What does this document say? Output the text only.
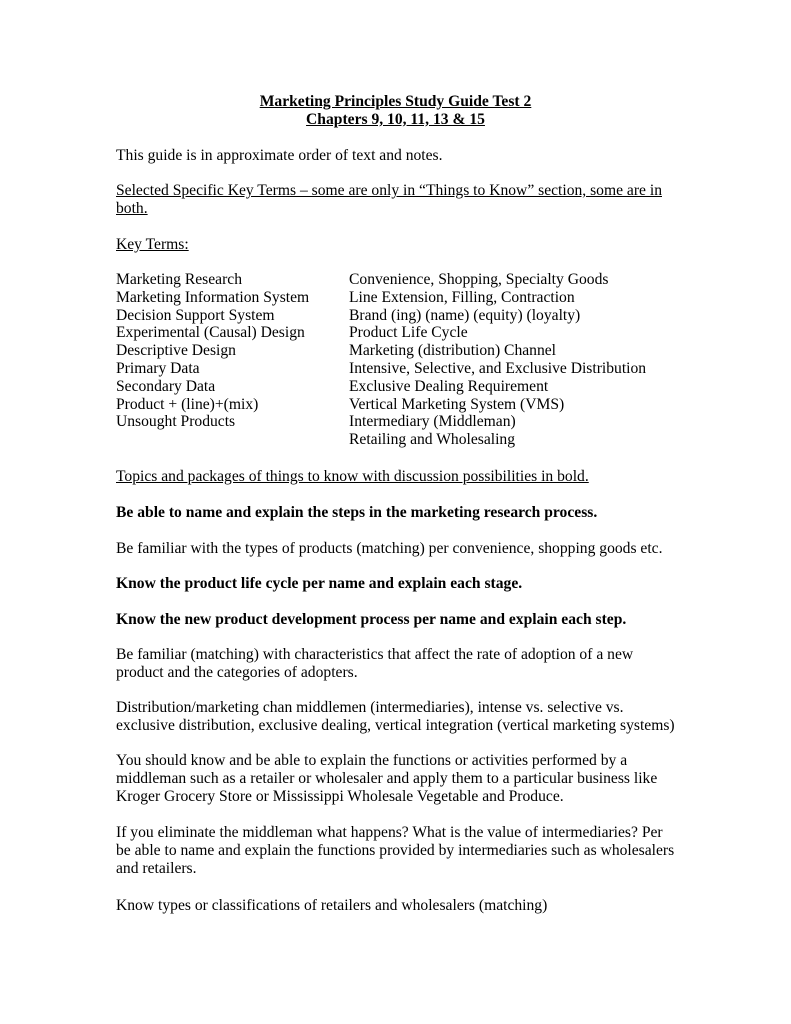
Marketing Principles Study Guide Test 2
Chapters 9, 10, 11, 13 & 15
This guide is in approximate order of text and notes.
Selected Specific Key Terms – some are only in “Things to Know” section, some are in both.
Key Terms:
Marketing Research
Marketing Information System
Decision Support System
Experimental (Causal) Design
Descriptive Design
Primary Data
Secondary Data
Product + (line)+(mix)
Unsought Products
Convenience, Shopping, Specialty Goods
Line Extension, Filling, Contraction
Brand (ing) (name) (equity) (loyalty)
Product Life Cycle
Marketing (distribution) Channel
Intensive, Selective, and Exclusive Distribution
Exclusive Dealing Requirement
Vertical Marketing System (VMS)
Intermediary (Middleman)
Retailing and Wholesaling
Topics and packages of things to know with discussion possibilities in bold.
Be able to name and explain the steps in the marketing research process.
Be familiar with the types of products (matching) per convenience, shopping goods etc.
Know the product life cycle per name and explain each stage.
Know the new product development process per name and explain each step.
Be familiar (matching) with characteristics that affect the rate of adoption of a new product and the categories of adopters.
Distribution/marketing chan middlemen (intermediaries), intense vs. selective vs. exclusive distribution, exclusive dealing, vertical integration (vertical marketing systems)
You should know and be able to explain the functions or activities performed by a middleman such as a retailer or wholesaler and apply them to a particular business like Kroger Grocery Store or Mississippi Wholesale Vegetable and Produce.
If you eliminate the middleman what happens? What is the value of intermediaries? Per be able to name and explain the functions provided by intermediaries such as wholesalers and retailers.
Know types or classifications of retailers and wholesalers (matching)
